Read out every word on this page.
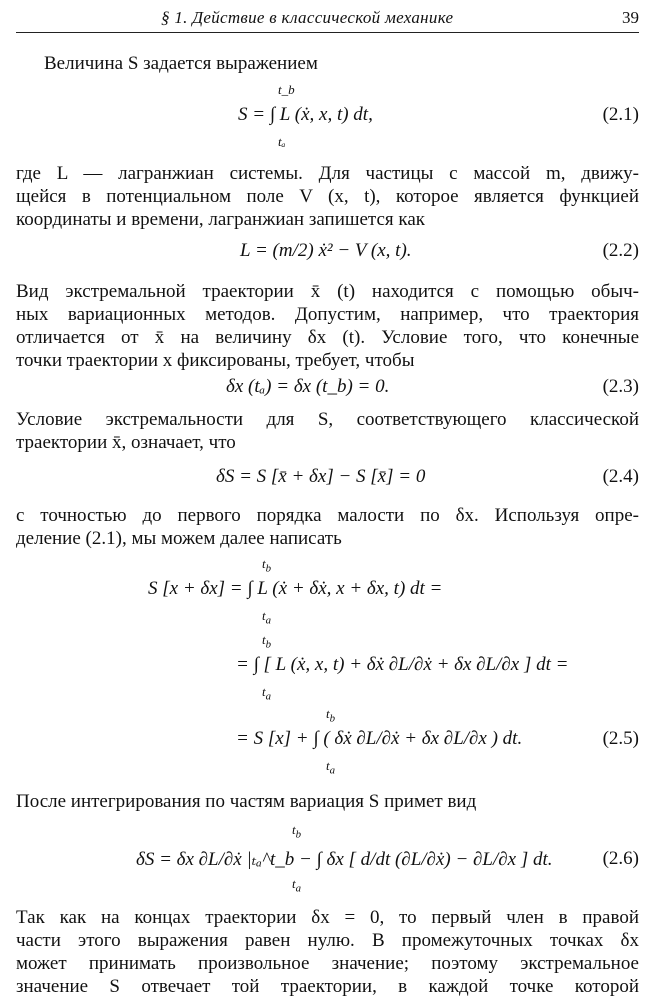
§ 1. Действие в классической механике	39
Величина S задается выражением
t_b
tₐ
S = ∫ L (ẋ, x, t) dt,	(2.1)
где L — лагранжиан системы. Для частицы с массой m, движу-
щейся в потенциальном поле V (x, t), которое является функцией
координаты и времени, лагранжиан запишется как
L = (m/2) ẋ² − V (x, t).	(2.2)
Вид экстремальной траектории x̄ (t) находится с помощью обыч-
ных вариационных методов. Допустим, например, что траектория
отличается от x̄ на величину δx (t). Условие того, что конечные
точки траектории x фиксированы, требует, чтобы
δx (tₐ) = δx (t_b) = 0.	(2.3)
Условие экстремальности для S, соответствующего классической
траектории x̄, означает, что
δS = S [x̄ + δx] − S [x̄] = 0	(2.4)
с точностью до первого порядка малости по δx. Используя опре-
деление (2.1), мы можем далее написать
$t_b$
$t_a$
S [x + δx] = ∫ L (ẋ + δẋ, x + δx, t) dt =
$t_b$
$t_a$
= ∫ [ L (ẋ, x, t) + δẋ ∂L/∂ẋ + δx ∂L/∂x ] dt =
$t_b$
$t_a$
= S [x] + ∫ ( δẋ ∂L/∂ẋ + δx ∂L/∂x ) dt.	(2.5)
После интегрирования по частям вариация S примет вид
$t_b$
$t_a$
δS = δx ∂L/∂ẋ |ₜₐ^t_b − ∫ δx [ d/dt (∂L/∂ẋ) − ∂L/∂x ] dt.	(2.6)
Так как на концах траектории δx = 0, то первый член в правой
части этого выражения равен нулю. В промежуточных точках δx
может принимать произвольное значение; поэтому экстремальное
значение S отвечает той траектории, в каждой точке которой
